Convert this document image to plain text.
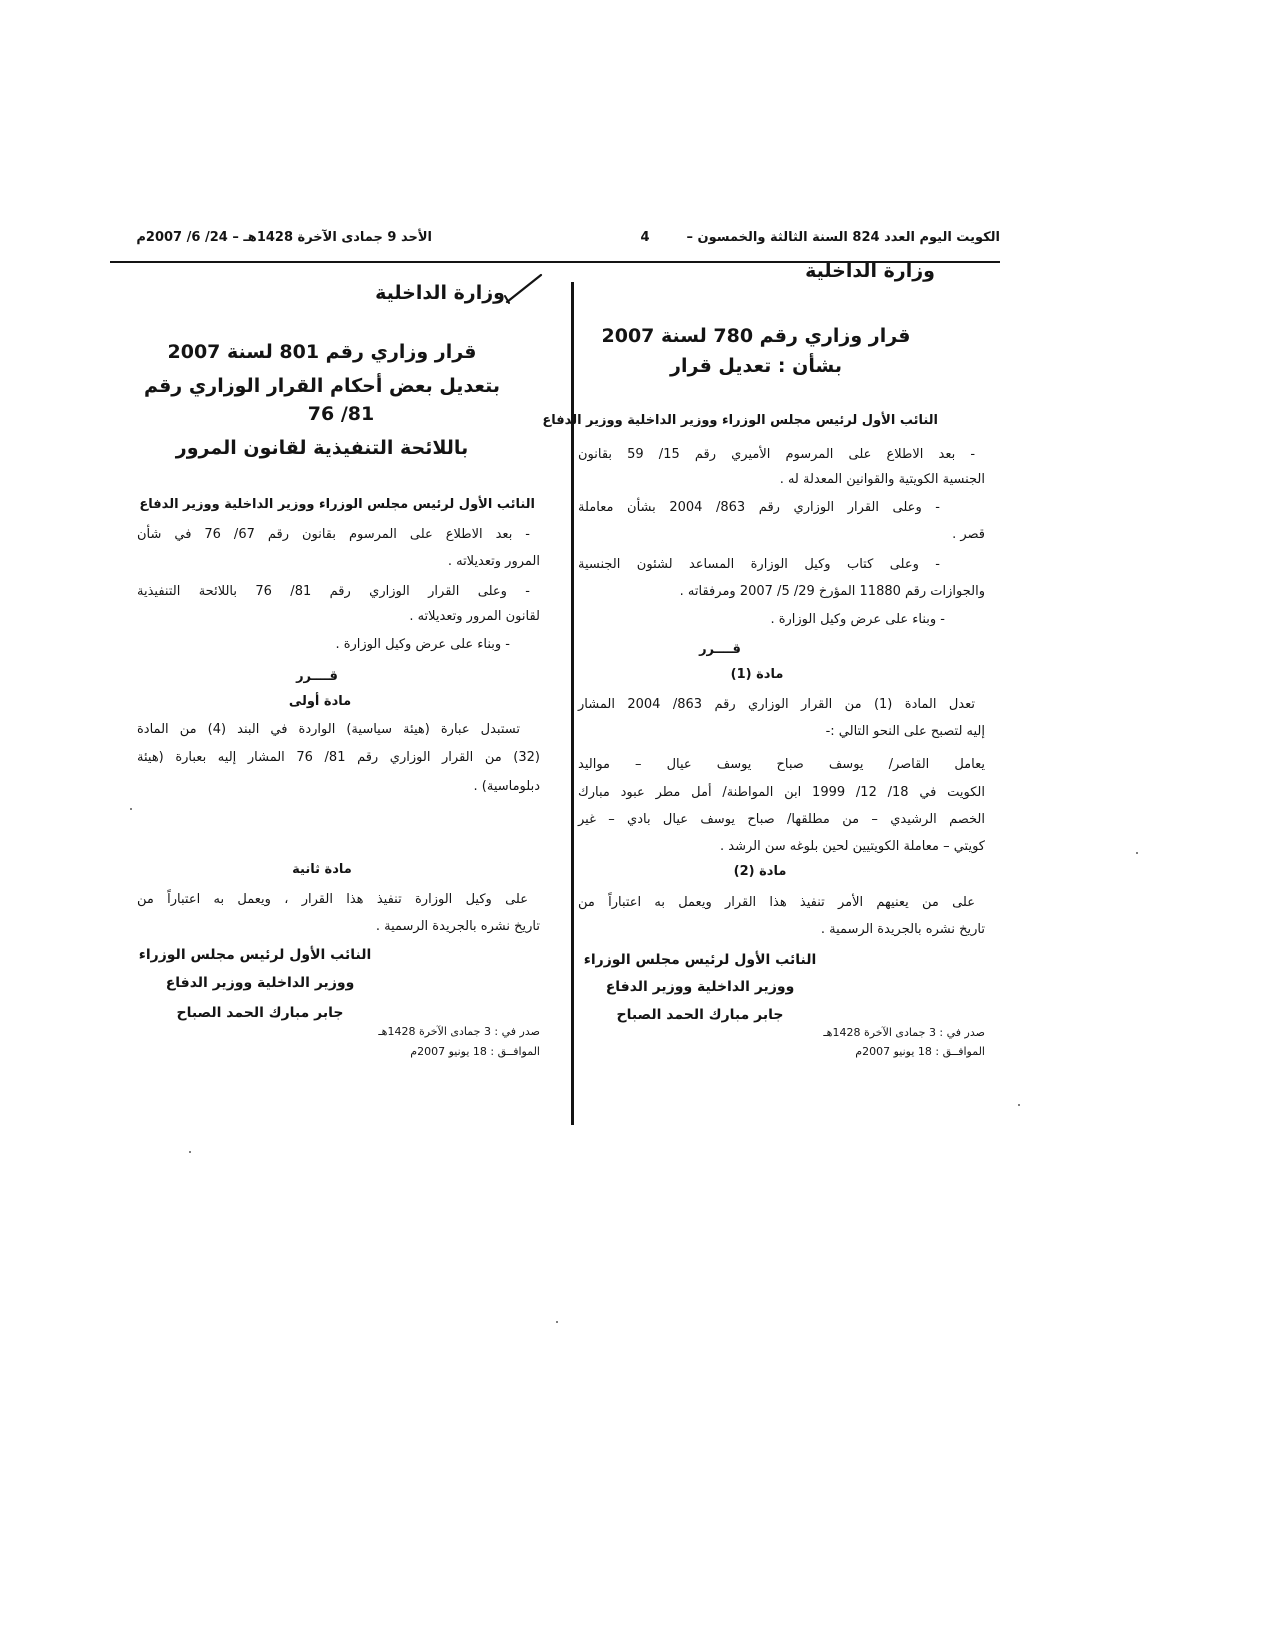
الكويت اليوم العدد 824 السنة الثالثة والخمسون –
4
الأحد 9 جمادى الآخرة 1428هـ – 24/ 6/ 2007م
وزارة الداخلية
قرار وزاري رقم 780 لسنة 2007
بشأن : تعديل قرار
النائب الأول لرئيس مجلس الوزراء ووزير الداخلية ووزير الدفاع
- بعد الاطلاع على المرسوم الأميري رقم 15/ 59 بقانون
الجنسية الكويتية والقوانين المعدلة له .
- وعلى القرار الوزاري رقم 863/ 2004 بشأن معاملة
قصر .
- وعلى كتاب وكيل الوزارة المساعد لشئون الجنسية
والجوازات رقم 11880 المؤرخ 29/ 5/ 2007 ومرفقاته .
- وبناء على عرض وكيل الوزارة .
قــــرر
مادة (1)
تعدل المادة (1) من القرار الوزاري رقم 863/ 2004 المشار
إليه لتصبح على النحو التالي :-
يعامل القاصر/ يوسف صباح يوسف عيال – مواليد
الكويت في 18/ 12/ 1999 ابن المواطنة/ أمل مطر عبود مبارك
الخصم الرشيدي – من مطلقها/ صباح يوسف عيال بادي – غير
كويتي – معاملة الكويتيين لحين بلوغه سن الرشد .
مادة (2)
على من يعنيهم الأمر تنفيذ هذا القرار ويعمل به اعتباراً من
تاريخ نشره بالجريدة الرسمية .
النائب الأول لرئيس مجلس الوزراء
ووزير الداخلية ووزير الدفاع
جابر مبارك الحمد الصباح
صدر في : 3 جمادى الآخرة 1428هـ
الموافــق : 18 يونيو 2007م
وزارة الداخلية
قرار وزاري رقم 801 لسنة 2007
بتعديل بعض أحكام القرار الوزاري رقم
81/ 76
باللائحة التنفيذية لقانون المرور
النائب الأول لرئيس مجلس الوزراء ووزير الداخلية ووزير الدفاع
- بعد الاطلاع على المرسوم بقانون رقم 67/ 76 في شأن
المرور وتعديلاته .
- وعلى القرار الوزاري رقم 81/ 76 باللائحة التنفيذية
لقانون المرور وتعديلاته .
- وبناء على عرض وكيل الوزارة .
قــــرر
مادة أولى
تستبدل عبارة (هيئة سياسية) الواردة في البند (4) من المادة
(32) من القرار الوزاري رقم 81/ 76 المشار إليه بعبارة (هيئة
دبلوماسية) .
مادة ثانية
على وكيل الوزارة تنفيذ هذا القرار ، ويعمل به اعتباراً من
تاريخ نشره بالجريدة الرسمية .
النائب الأول لرئيس مجلس الوزراء
ووزير الداخلية ووزير الدفاع
جابر مبارك الحمد الصباح
صدر في : 3 جمادى الآخرة 1428هـ
الموافــق : 18 يونيو 2007م
